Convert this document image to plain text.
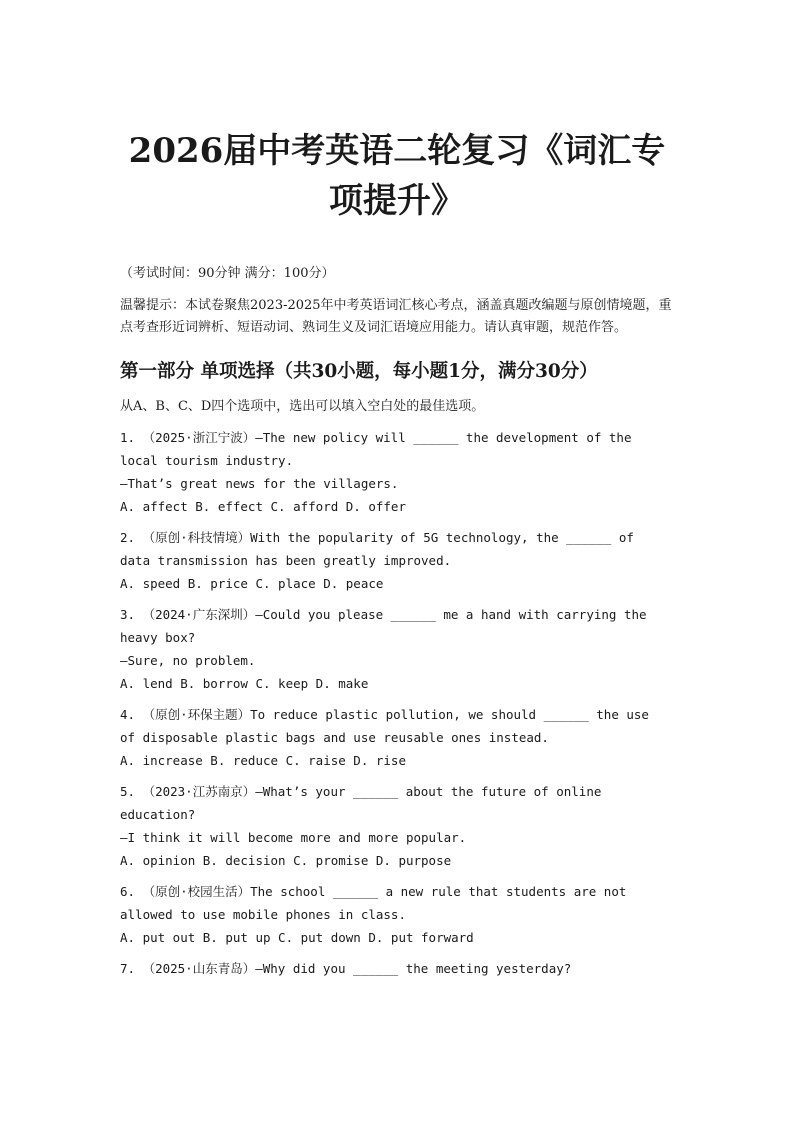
2026届中考英语二轮复习《词汇专
项提升》
（考试时间：90分钟 满分：100分）
温馨提示：本试卷聚焦2023-2025年中考英语词汇核心考点，涵盖真题改编题与原创情境题，重点考查形近词辨析、短语动词、熟词生义及词汇语境应用能力。请认真审题，规范作答。
第一部分 单项选择（共30小题，每小题1分，满分30分）
从A、B、C、D四个选项中，选出可以填入空白处的最佳选项。
1. （2025·浙江宁波）—The new policy will ______ the development of the
local tourism industry.
—That’s great news for the villagers.
A. affect B. effect C. afford D. offer
2. （原创·科技情境）With the popularity of 5G technology, the ______ of
data transmission has been greatly improved.
A. speed B. price C. place D. peace
3. （2024·广东深圳）—Could you please ______ me a hand with carrying the
heavy box?
—Sure, no problem.
A. lend B. borrow C. keep D. make
4. （原创·环保主题）To reduce plastic pollution, we should ______ the use
of disposable plastic bags and use reusable ones instead.
A. increase B. reduce C. raise D. rise
5. （2023·江苏南京）—What’s your ______ about the future of online
education?
—I think it will become more and more popular.
A. opinion B. decision C. promise D. purpose
6. （原创·校园生活）The school ______ a new rule that students are not
allowed to use mobile phones in class.
A. put out B. put up C. put down D. put forward
7. （2025·山东青岛）—Why did you ______ the meeting yesterday?
